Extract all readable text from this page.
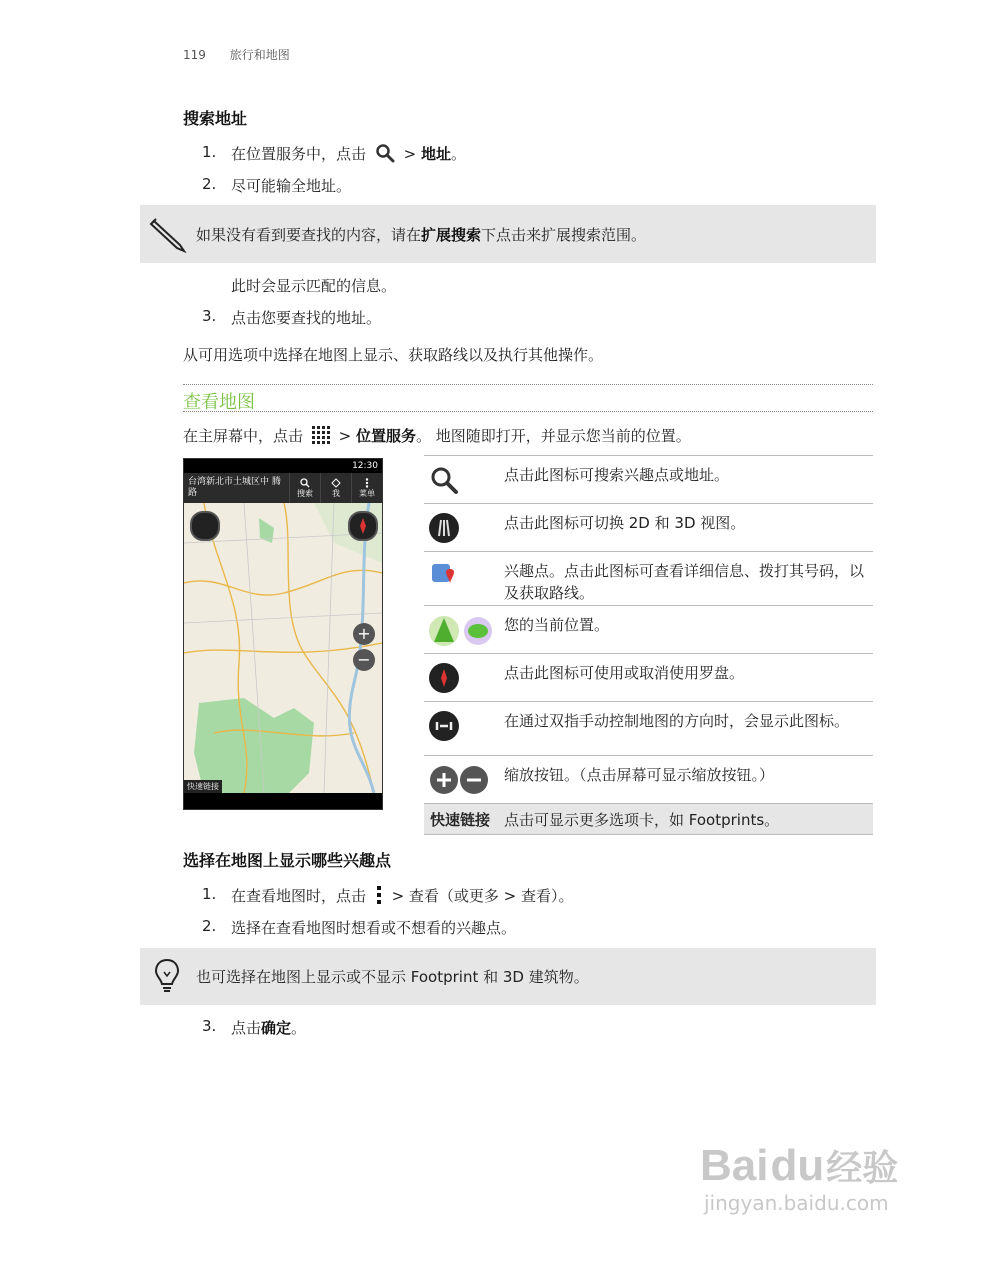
119 旅行和地图
搜索地址
1. 在位置服务中，点击	> 地址。
2. 尽可能输全地址。
如果没有看到要查找的内容，请在扩展搜索下点击来扩展搜索范围。
此时会显示匹配的信息。
3. 点击您要查找的地址。
从可用选项中选择在地图上显示、获取路线以及执行其他操作。
查看地图
在主屏幕中，点击 > 位置服务。 地图随即打开，并显示您当前的位置。
12:30
台湾新北市土城区中 腾路	搜索 我 菜单
+
−
快速链接
点击此图标可搜索兴趣点或地址。
点击此图标可切换 2D 和 3D 视图。
兴趣点。点击此图标可查看详细信息、拨打其号码，以及获取路线。
您的当前位置。
点击此图标可使用或取消使用罗盘。
在通过双指手动控制地图的方向时，会显示此图标。
缩放按钮。（点击屏幕可显示缩放按钮。）
快速链接 点击可显示更多选项卡，如 Footprints。
选择在地图上显示哪些兴趣点
1. 在查看地图时，点击 > 查看（或更多 > 查看）。
2. 选择在查看地图时想看或不想看的兴趣点。
也可选择在地图上显示或不显示 Footprint 和 3D 建筑物。
3. 点击确定。
Baidu经验
jingyan.baidu.com
